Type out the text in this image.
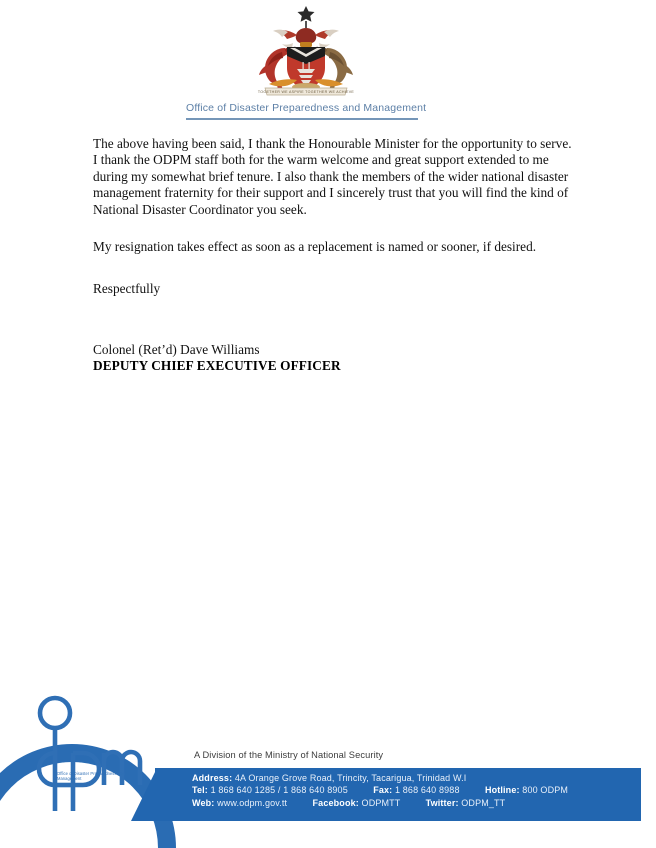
TOGETHER WE ASPIRE TOGETHER WE ACHIEVE
Office of Disaster Preparedness and Management

The above having been said, I thank the Honourable Minister for the opportunity to serve. I thank the ODPM staff both for the warm welcome and great support extended to me during my somewhat brief tenure. I also thank the members of the wider national disaster management fraternity for their support and I sincerely trust that you will find the kind of National Disaster Coordinator you seek.

My resignation takes effect as soon as a replacement is named or sooner, if desired.

Respectfully

Colonel (Ret’d) Dave Williams
DEPUTY CHIEF EXECUTIVE OFFICER
Office of Disaster Preparedness and Management
A Division of the Ministry of National Security
Address: 4A Orange Grove Road, Trincity, Tacarigua, Trinidad W.I
Tel: 1 868 640 1285 / 1 868 640 8905	Fax: 1 868 640 8988	Hotline: 800 ODPM
Web: www.odpm.gov.tt	Facebook: ODPMTT	Twitter: ODPM_TT
